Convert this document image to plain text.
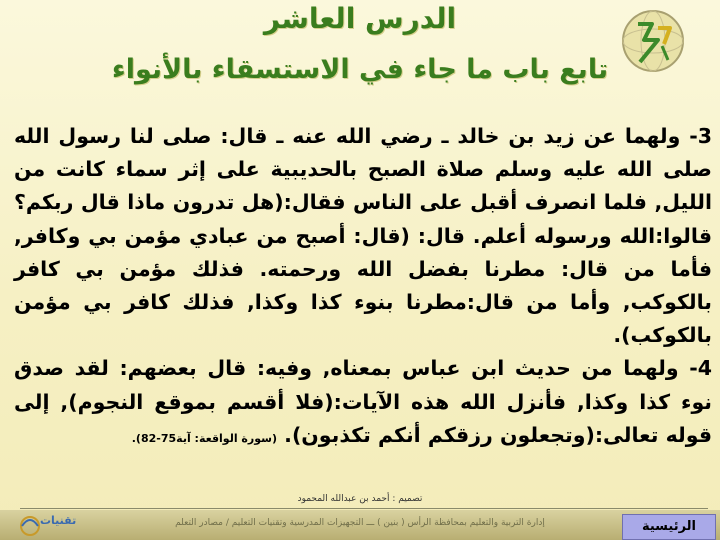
الدرس العاشر
تابع باب ما جاء في الاستسقاء بالأنواء

3- ولهما عن زيد بن خالد ـ رضي الله عنه ـ قال: صلى لنا رسول الله صلى الله عليه وسلم صلاة الصبح بالحديبية على إثر سماء كانت من الليل, فلما انصرف أقبل على الناس فقال:(هل تدرون ماذا قال ربكم؟ قالوا:الله ورسوله أعلم. قال: (قال: أصبح من عبادي مؤمن بي وكافر, فأما من قال: مطرنا بفضل الله ورحمته. فذلك مؤمن بي كافر بالكوكب, وأما من قال:مطرنا بنوء كذا وكذا, فذلك كافر بي مؤمن بالكوكب).

4- ولهما من حديث ابن عباس بمعناه, وفيه: قال بعضهم: لقد صدق نوء كذا وكذا, فأنزل الله هذه الآيات:(فلا أقسم بموقع النجوم), إلى قوله تعالى:(وتجعلون رزقكم أنكم تكذبون). (سورة الواقعة: آية75-82).

تصميم : أحمد بن عبدالله المحمود
تقنيات	إدارة التربية والتعليم بمحافظة الرأس ( بنين ) ـــ التجهيزات المدرسية وتقنيات التعليم / مصادر التعلم	الرئيسية
